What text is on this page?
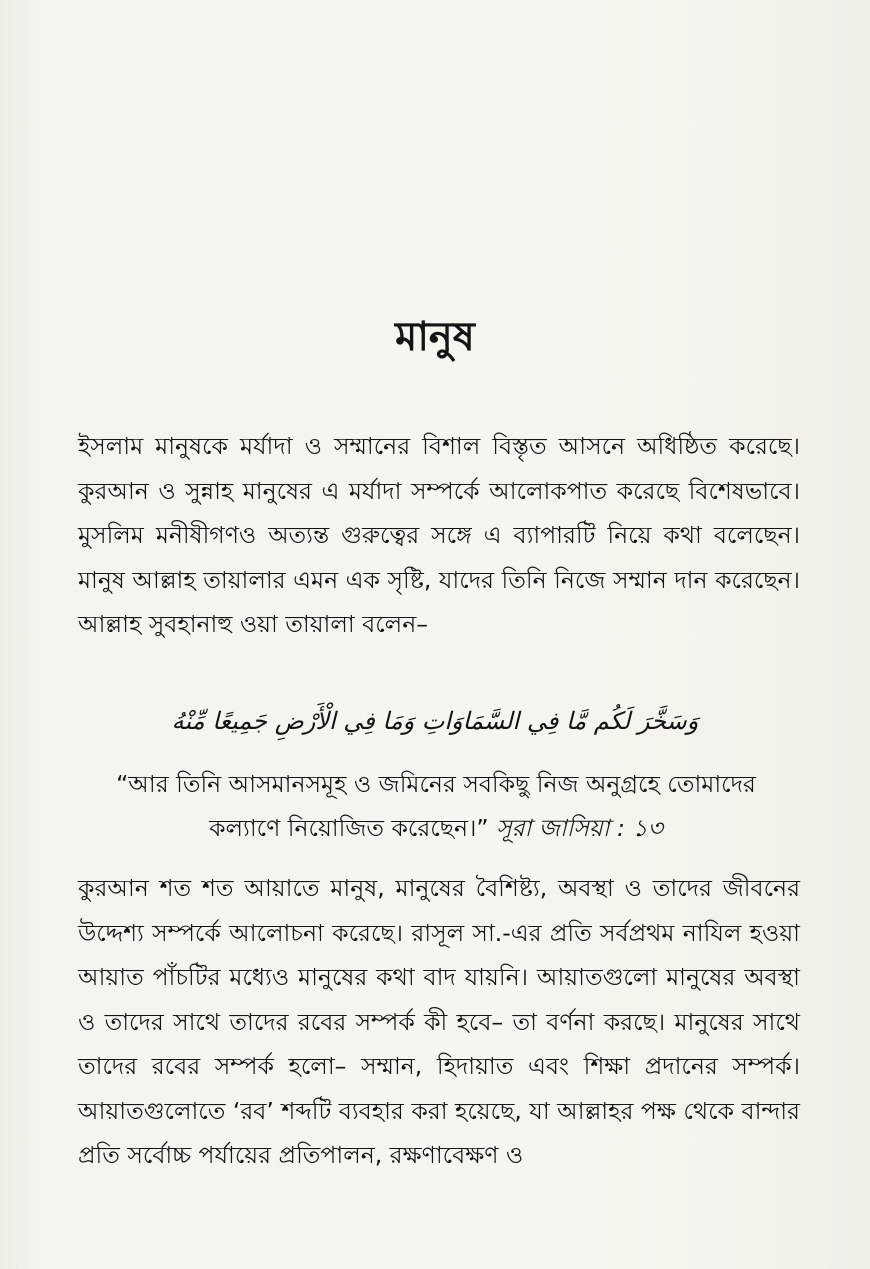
মানুষ

ইসলাম মানুষকে মর্যাদা ও সম্মানের বিশাল বিস্তৃত আসনে অধিষ্ঠিত করেছে। কুরআন ও সুন্নাহ মানুষের এ মর্যাদা সম্পর্কে আলোকপাত করেছে বিশেষভাবে। মুসলিম মনীষীগণও অত্যন্ত গুরুত্বের সঙ্গে এ ব্যাপারটি নিয়ে কথা বলেছেন। মানুষ আল্লাহ তায়ালার এমন এক সৃষ্টি, যাদের তিনি নিজে সম্মান দান করেছেন। আল্লাহ সুবহানাহু ওয়া তায়ালা বলেন–

وَسَخَّرَ لَكُم مَّا فِي السَّمَاوَاتِ وَمَا فِي الْأَرْضِ جَمِيعًا مِّنْهُ
“আর তিনি আসমানসমূহ ও জমিনের সবকিছু নিজ অনুগ্রহে তোমাদের কল্যাণে নিয়োজিত করেছেন।” সূরা জাসিয়া : ১৩

কুরআন শত শত আয়াতে মানুষ, মানুষের বৈশিষ্ট্য, অবস্থা ও তাদের জীবনের উদ্দেশ্য সম্পর্কে আলোচনা করেছে। রাসূল সা.-এর প্রতি সর্বপ্রথম নাযিল হওয়া আয়াত পাঁচটির মধ্যেও মানুষের কথা বাদ যায়নি। আয়াতগুলো মানুষের অবস্থা ও তাদের সাথে তাদের রবের সম্পর্ক কী হবে– তা বর্ণনা করছে। মানুষের সাথে তাদের রবের সম্পর্ক হলো– সম্মান, হিদায়াত এবং শিক্ষা প্রদানের সম্পর্ক। আয়াতগুলোতে ‘রব’ শব্দটি ব্যবহার করা হয়েছে, যা আল্লাহর পক্ষ থেকে বান্দার প্রতি সর্বোচ্চ পর্যায়ের প্রতিপালন, রক্ষণাবেক্ষণ ও
